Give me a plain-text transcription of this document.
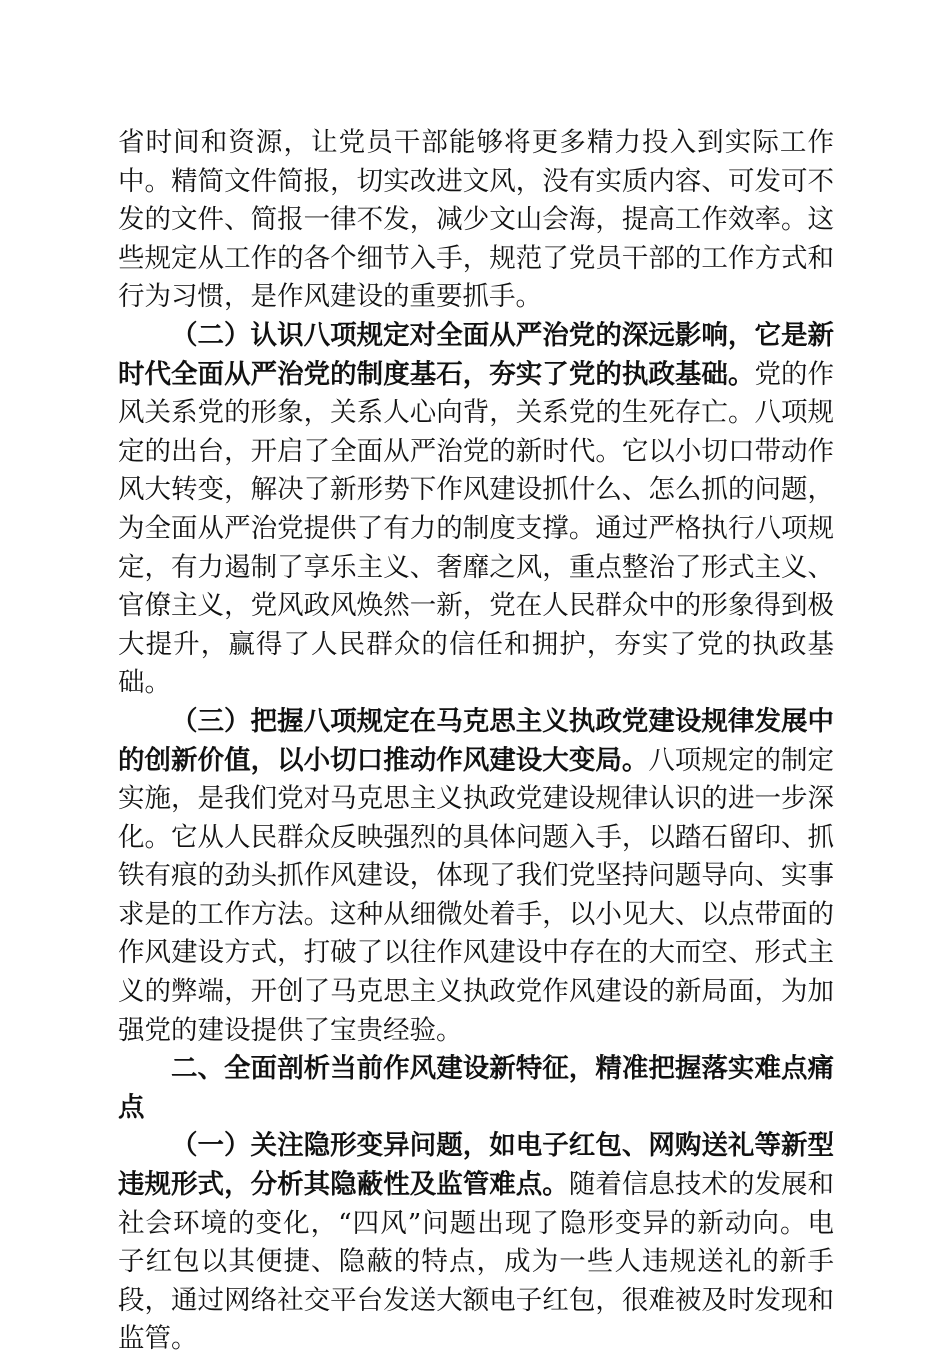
省时间和资源，让党员干部能够将更多精力投入到实际工作中。精简文件简报，切实改进文风，没有实质内容、可发可不发的文件、简报一律不发，减少文山会海，提高工作效率。这些规定从工作的各个细节入手，规范了党员干部的工作方式和行为习惯，是作风建设的重要抓手。

（二）认识八项规定对全面从严治党的深远影响，它是新时代全面从严治党的制度基石，夯实了党的执政基础。党的作风关系党的形象，关系人心向背，关系党的生死存亡。八项规定的出台，开启了全面从严治党的新时代。它以小切口带动作风大转变，解决了新形势下作风建设抓什么、怎么抓的问题，为全面从严治党提供了有力的制度支撑。通过严格执行八项规定，有力遏制了享乐主义、奢靡之风，重点整治了形式主义、官僚主义，党风政风焕然一新，党在人民群众中的形象得到极大提升，赢得了人民群众的信任和拥护，夯实了党的执政基础。

（三）把握八项规定在马克思主义执政党建设规律发展中的创新价值，以小切口推动作风建设大变局。八项规定的制定实施，是我们党对马克思主义执政党建设规律认识的进一步深化。它从人民群众反映强烈的具体问题入手，以踏石留印、抓铁有痕的劲头抓作风建设，体现了我们党坚持问题导向、实事求是的工作方法。这种从细微处着手，以小见大、以点带面的作风建设方式，打破了以往作风建设中存在的大而空、形式主义的弊端，开创了马克思主义执政党作风建设的新局面，为加强党的建设提供了宝贵经验。

二、全面剖析当前作风建设新特征，精准把握落实难点痛点

（一）关注隐形变异问题，如电子红包、网购送礼等新型违规形式，分析其隐蔽性及监管难点。随着信息技术的发展和社会环境的变化，“四风”问题出现了隐形变异的新动向。电子红包以其便捷、隐蔽的特点，成为一些人违规送礼的新手段，通过网络社交平台发送大额电子红包，很难被及时发现和监管。
